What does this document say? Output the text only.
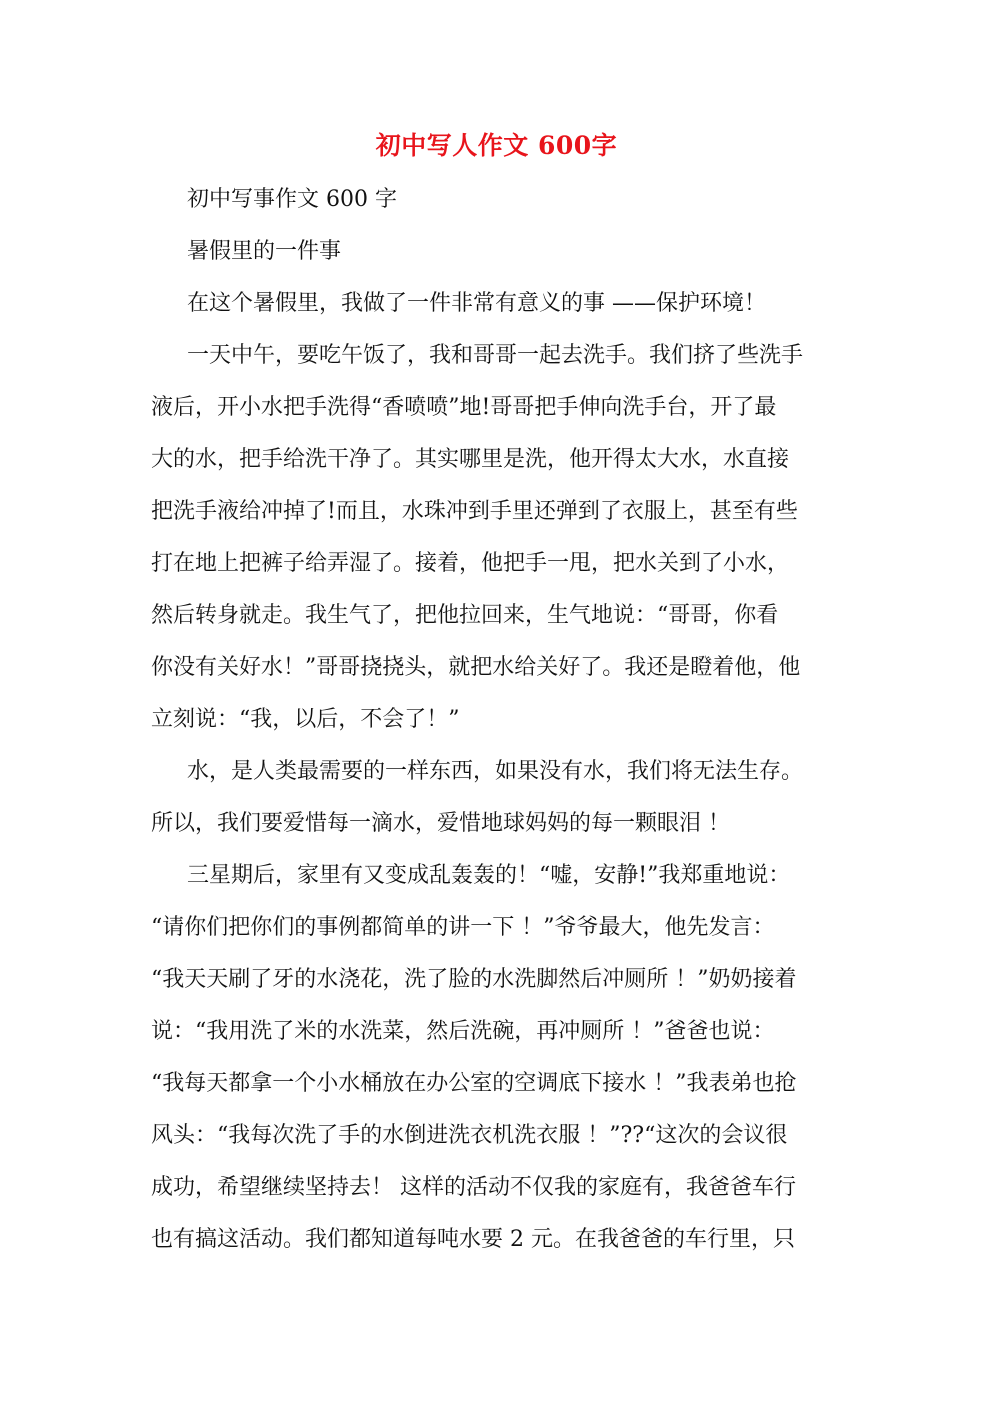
初中写人作文 600字
初中写事作文 600 字
暑假里的一件事
在这个暑假里，我做了一件非常有意义的事 ——保护环境！
一天中午，要吃午饭了，我和哥哥一起去洗手。我们挤了些洗手
液后，开小水把手洗得“香喷喷”地!哥哥把手伸向洗手台，开了最
大的水，把手给洗干净了。其实哪里是洗，他开得太大水，水直接
把洗手液给冲掉了!而且，水珠冲到手里还弹到了衣服上，甚至有些
打在地上把裤子给弄湿了。接着，他把手一甩，把水关到了小水，
然后转身就走。我生气了，把他拉回来，生气地说：“哥哥，你看
你没有关好水！”哥哥挠挠头，就把水给关好了。我还是瞪着他，他
立刻说：“我，以后，不会了！”
水，是人类最需要的一样东西，如果没有水，我们将无法生存。
所以，我们要爱惜每一滴水，爱惜地球妈妈的每一颗眼泪 ！
三星期后，家里有又变成乱轰轰的！“嘘，安静!”我郑重地说：
“请你们把你们的事例都简单的讲一下 ！”爷爷最大，他先发言：
“我天天刷了牙的水浇花，洗了脸的水洗脚然后冲厕所 ！”奶奶接着
说：“我用洗了米的水洗菜，然后洗碗，再冲厕所 ！”爸爸也说：
“我每天都拿一个小水桶放在办公室的空调底下接水 ！”我表弟也抢
风头：“我每次洗了手的水倒进洗衣机洗衣服 ！”??“这次的会议很
成功，希望继续坚持去！ 这样的活动不仅我的家庭有，我爸爸车行
也有搞这活动。我们都知道每吨水要 2 元。在我爸爸的车行里，只
